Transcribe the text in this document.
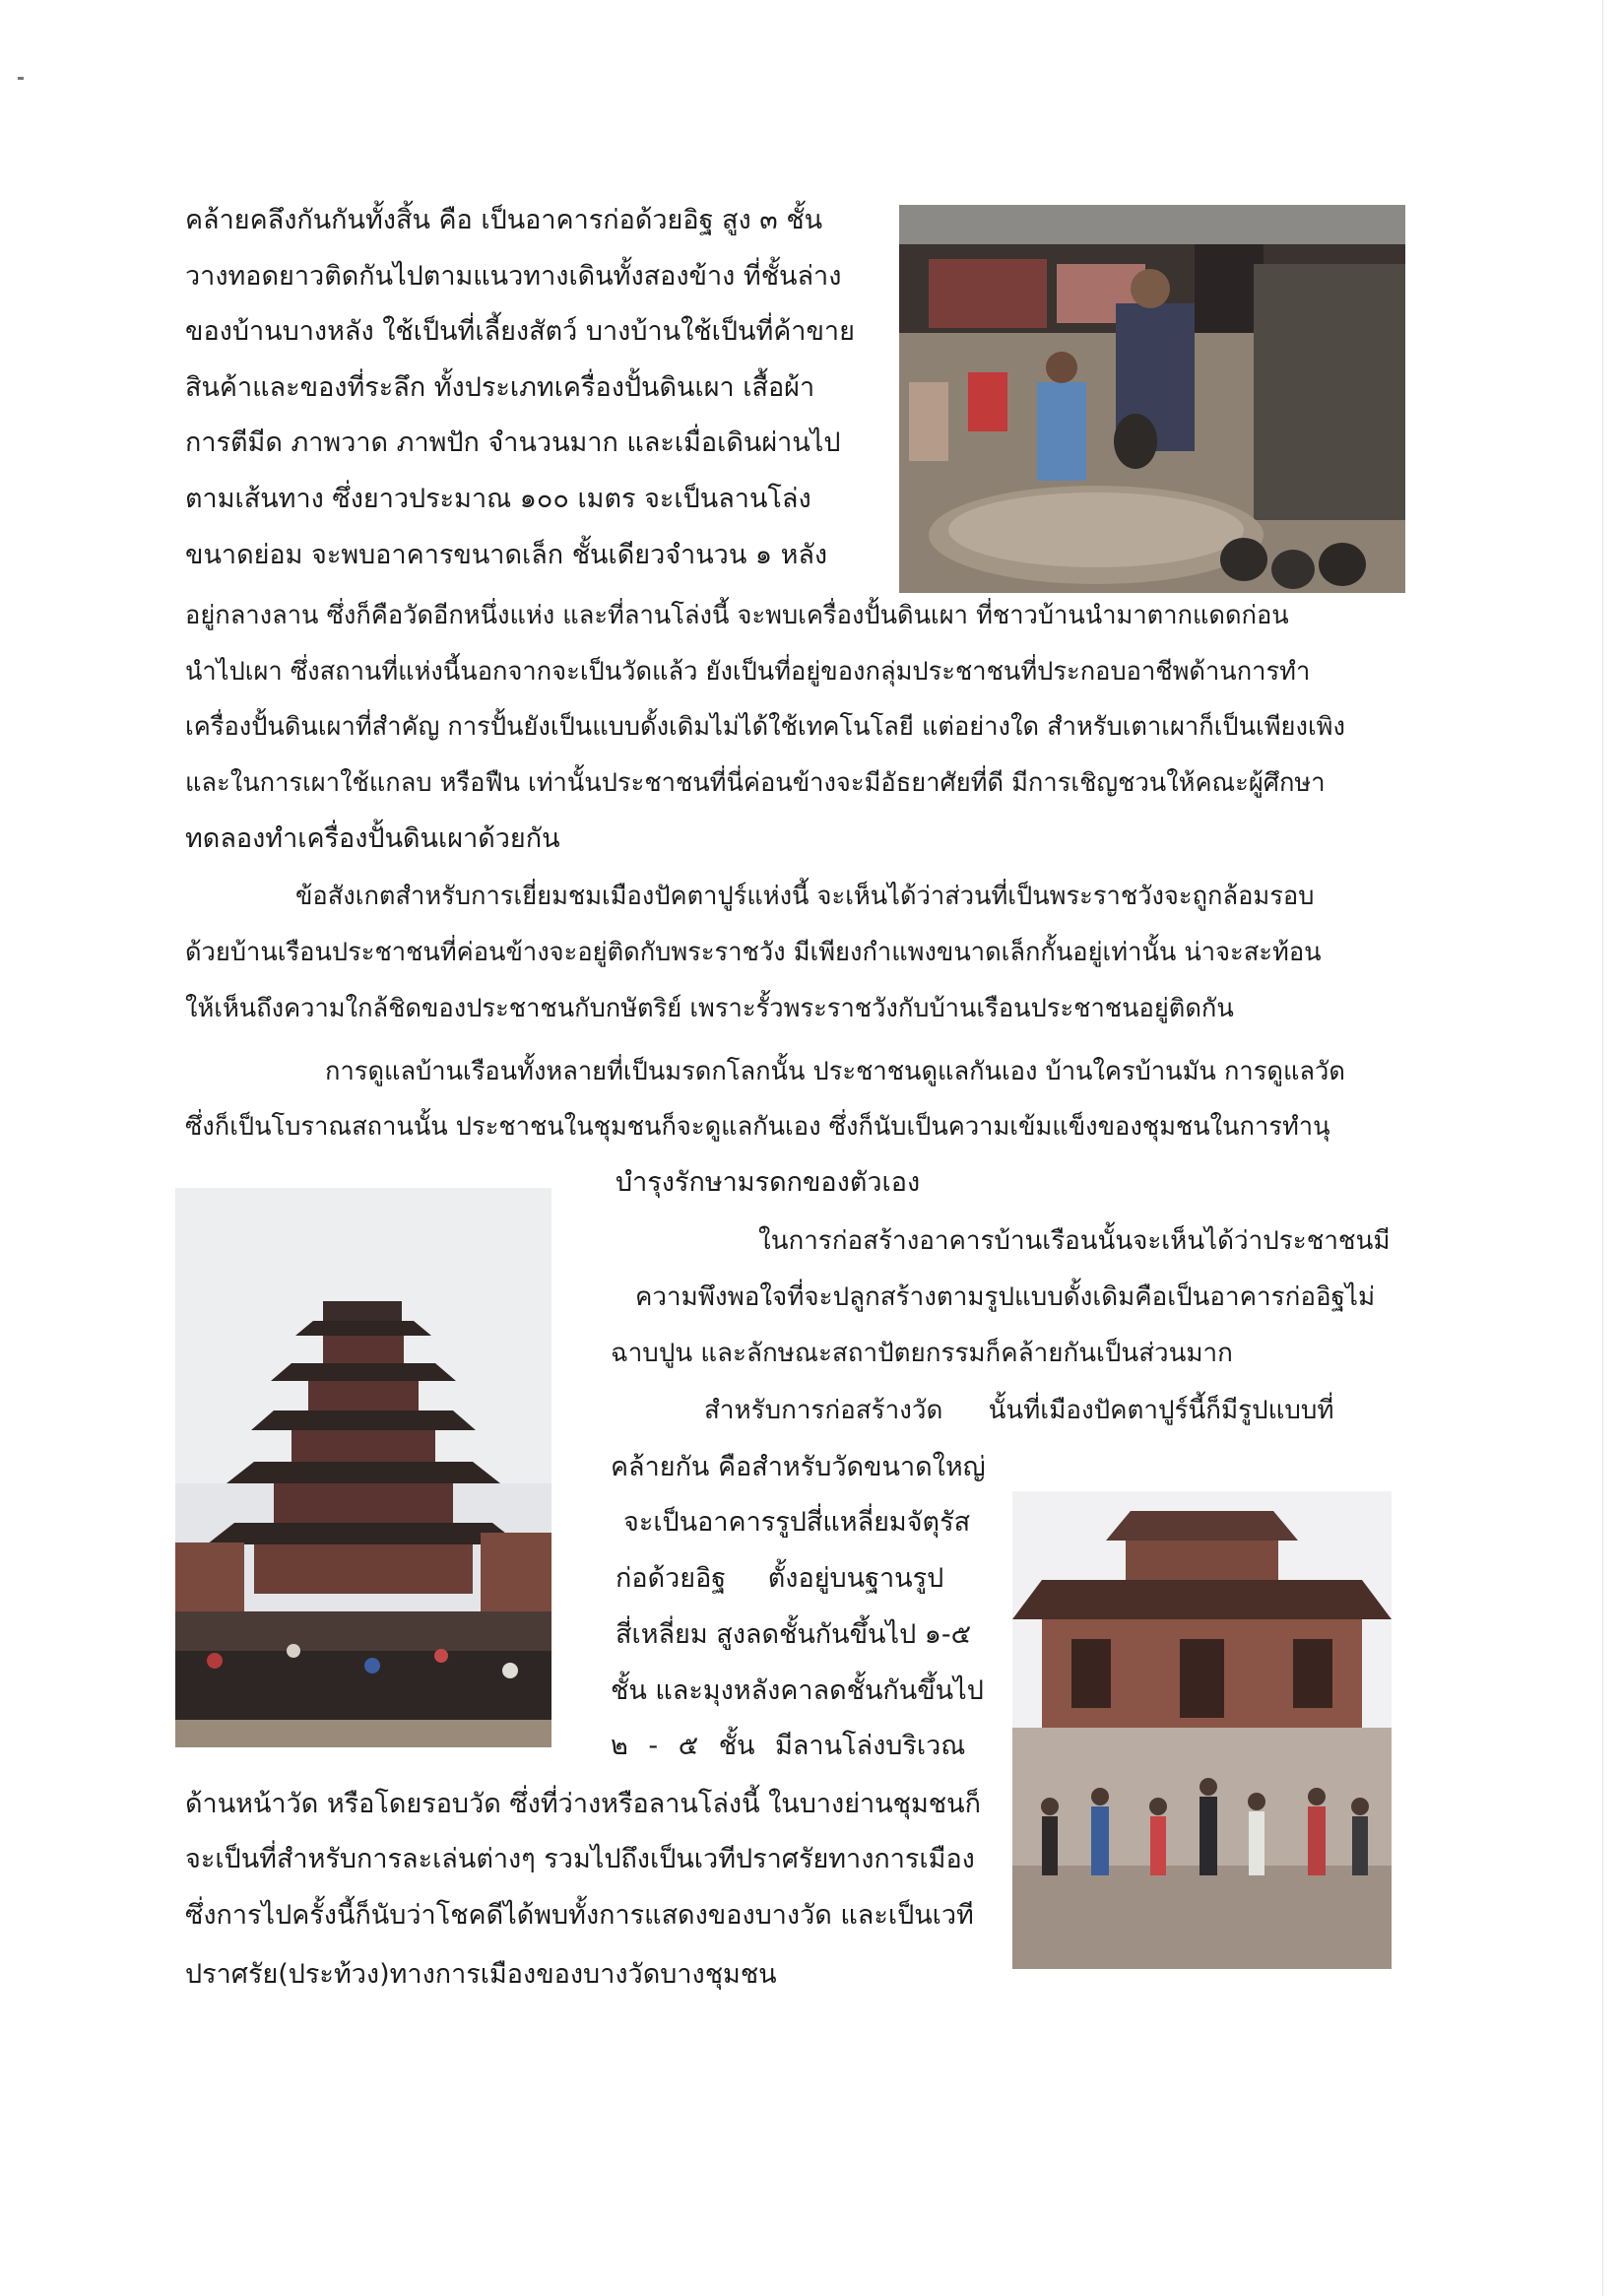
คล้ายคลึงกันกันทั้งสิ้น คือ เป็นอาคารก่อด้วยอิฐ สูง ๓ ชั้น
วางทอดยาวติดกันไปตามแนวทางเดินทั้งสองข้าง ที่ชั้นล่าง
ของบ้านบางหลัง ใช้เป็นที่เลี้ยงสัตว์ บางบ้านใช้เป็นที่ค้าขาย
สินค้าและของที่ระลึก ทั้งประเภทเครื่องปั้นดินเผา เสื้อผ้า
การตีมีด ภาพวาด ภาพปัก จำนวนมาก และเมื่อเดินผ่านไป
ตามเส้นทาง ซึ่งยาวประมาณ ๑๐๐ เมตร จะเป็นลานโล่ง
ขนาดย่อม จะพบอาคารขนาดเล็ก ชั้นเดียวจำนวน ๑ หลัง
อยู่กลางลาน ซึ่งก็คือวัดอีกหนึ่งแห่ง และที่ลานโล่งนี้ จะพบเครื่องปั้นดินเผา ที่ชาวบ้านนำมาตากแดดก่อน
นำไปเผา ซึ่งสถานที่แห่งนี้นอกจากจะเป็นวัดแล้ว ยังเป็นที่อยู่ของกลุ่มประชาชนที่ประกอบอาชีพด้านการทำ
เครื่องปั้นดินเผาที่สำคัญ การปั้นยังเป็นแบบดั้งเดิมไม่ได้ใช้เทคโนโลยี แต่อย่างใด สำหรับเตาเผาก็เป็นเพียงเพิง
และในการเผาใช้แกลบ หรือฟืน เท่านั้นประชาชนที่นี่ค่อนข้างจะมีอัธยาศัยที่ดี มีการเชิญชวนให้คณะผู้ศึกษา
ทดลองทำเครื่องปั้นดินเผาด้วยกัน
ข้อสังเกตสำหรับการเยี่ยมชมเมืองปัคตาปูร์แห่งนี้ จะเห็นได้ว่าส่วนที่เป็นพระราชวังจะถูกล้อมรอบ
ด้วยบ้านเรือนประชาชนที่ค่อนข้างจะอยู่ติดกับพระราชวัง มีเพียงกำแพงขนาดเล็กกั้นอยู่เท่านั้น น่าจะสะท้อน
ให้เห็นถึงความใกล้ชิดของประชาชนกับกษัตริย์ เพราะรั้วพระราชวังกับบ้านเรือนประชาชนอยู่ติดกัน
การดูแลบ้านเรือนทั้งหลายที่เป็นมรดกโลกนั้น ประชาชนดูแลกันเอง บ้านใครบ้านมัน การดูแลวัด
ซึ่งก็เป็นโบราณสถานนั้น ประชาชนในชุมชนก็จะดูแลกันเอง ซึ่งก็นับเป็นความเข้มแข็งของชุมชนในการทำนุ
บำรุงรักษามรดกของตัวเอง
ในการก่อสร้างอาคารบ้านเรือนนั้นจะเห็นได้ว่าประชาชนมี
ความพึงพอใจที่จะปลูกสร้างตามรูปแบบดั้งเดิมคือเป็นอาคารก่ออิฐไม่
ฉาบปูน และลักษณะสถาปัตยกรรมก็คล้ายกันเป็นส่วนมาก
สำหรับการก่อสร้างวัด นั้นที่เมืองปัคตาปูร์นี้ก็มีรูปแบบที่
คล้ายกัน คือสำหรับวัดขนาดใหญ่
จะเป็นอาคารรูปสี่แหลี่ยมจัตุรัส
ก่อด้วยอิฐ ตั้งอยู่บนฐานรูป
สี่เหลี่ยม สูงลดชั้นกันขึ้นไป ๑-๕
ชั้น และมุงหลังคาลดชั้นกันขึ้นไป
๒ - ๕ ชั้น มีลานโล่งบริเวณ
ด้านหน้าวัด หรือโดยรอบวัด ซึ่งที่ว่างหรือลานโล่งนี้ ในบางย่านชุมชนก็
จะเป็นที่สำหรับการละเล่นต่างๆ รวมไปถึงเป็นเวทีปราศรัยทางการเมือง
ซึ่งการไปครั้งนี้ก็นับว่าโชคดีได้พบทั้งการแสดงของบางวัด และเป็นเวที
ปราศรัย(ประท้วง)ทางการเมืองของบางวัดบางชุมชน
